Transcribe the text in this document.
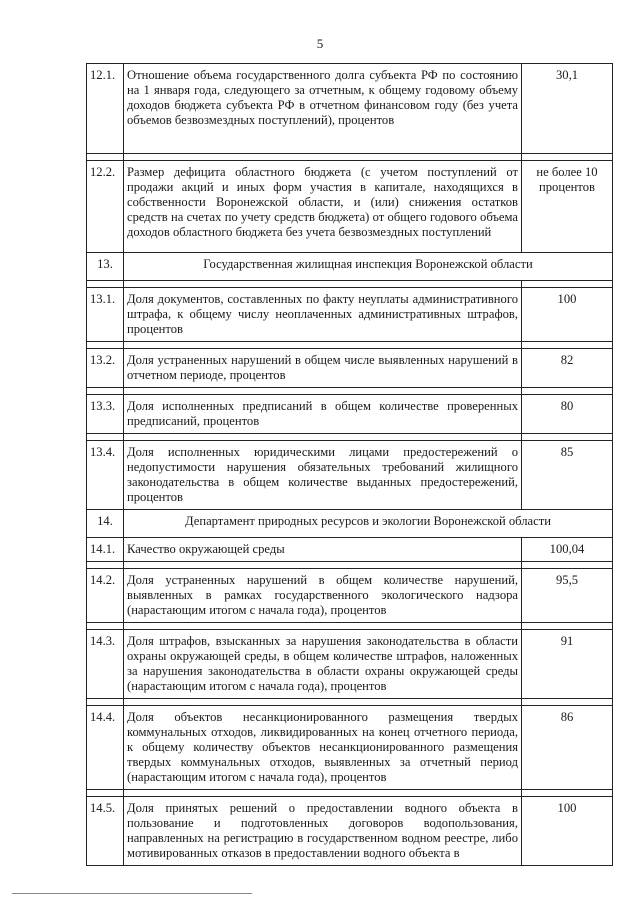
5
12.1.	Отношение объема государственного долга субъекта РФ по состоянию на 1 января года, следующего за отчетным, к общему годовому объему доходов бюджета субъекта РФ в отчетном финансовом году (без учета объемов безвозмездных поступлений), процентов	30,1

12.2.	Размер дефицита областного бюджета (с учетом поступлений от продажи акций и иных форм участия в капитале, находящихся в собственности Воронежской области, и (или) снижения остатков средств на счетах по учету средств бюджета) от общего годового объема доходов областного бюджета без учета безвозмездных поступлений	не более 10 процентов
13.	Государственная жилищная инспекция Воронежской области	

13.1.	Доля документов, составленных по факту неуплаты административного штрафа, к общему числу неоплаченных административных штрафов, процентов	100

13.2.	Доля устраненных нарушений в общем числе выявленных нарушений в отчетном периоде, процентов	82

13.3.	Доля исполненных предписаний в общем количестве проверенных предписаний, процентов	80

13.4.	Доля исполненных юридическими лицами предостережений о недопустимости нарушения обязательных требований жилищного законодательства в общем количестве выданных предостережений, процентов	85
14.	Департамент природных ресурсов и экологии Воронежской области	
14.1.	Качество окружающей среды	100,04

14.2.	Доля устраненных нарушений в общем количестве нарушений, выявленных в рамках государственного экологического надзора (нарастающим итогом с начала года), процентов	95,5

14.3.	Доля штрафов, взысканных за нарушения законодательства в области охраны окружающей среды, в общем количестве штрафов, наложенных за нарушения законодательства в области охраны окружающей среды (нарастающим итогом с начала года), процентов	91

14.4.	Доля объектов несанкционированного размещения твердых коммунальных отходов, ликвидированных на конец отчетного периода, к общему количеству объектов несанкционированного размещения твердых коммунальных отходов, выявленных за отчетный период (нарастающим итогом с начала года), процентов	86

14.5.	Доля принятых решений о предоставлении водного объекта в пользование и подготовленных договоров водопользования, направленных на регистрацию в государственном водном реестре, либо мотивированных отказов в предоставлении водного объекта в	100
